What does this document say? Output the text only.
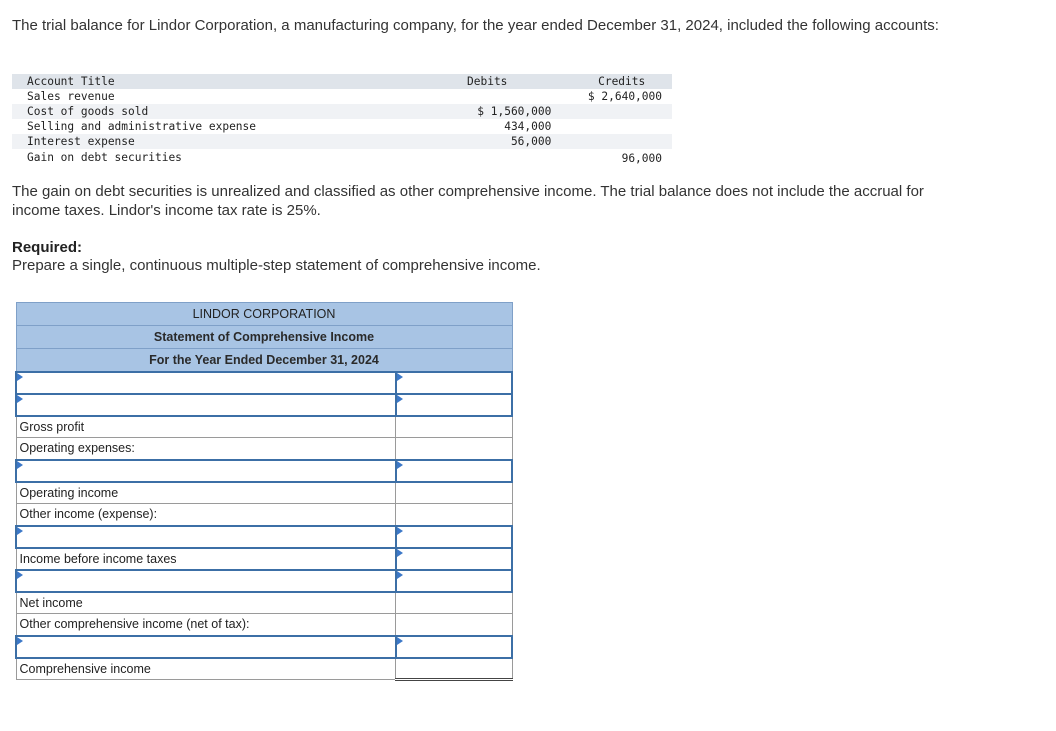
The trial balance for Lindor Corporation, a manufacturing company, for the year ended December 31, 2024, included the following accounts:

Account Title	Debits	Credits
Sales revenue		$ 2,640,000
Cost of goods sold	$ 1,560,000	
Selling and administrative expense	434,000	
Interest expense	56,000	
Gain on debt securities		96,000

The gain on debt securities is unrealized and classified as other comprehensive income. The trial balance does not include the accrual for income taxes. Lindor's income tax rate is 25%.

Required:

Prepare a single, continuous multiple-step statement of comprehensive income.

LINDOR CORPORATION	
Statement of Comprehensive Income	
For the Year Ended December 31, 2024	

Gross profit	
Operating expenses:	

Operating income	
Other income (expense):	

Income before income taxes	

Net income	
Other comprehensive income (net of tax):	

Comprehensive income	
